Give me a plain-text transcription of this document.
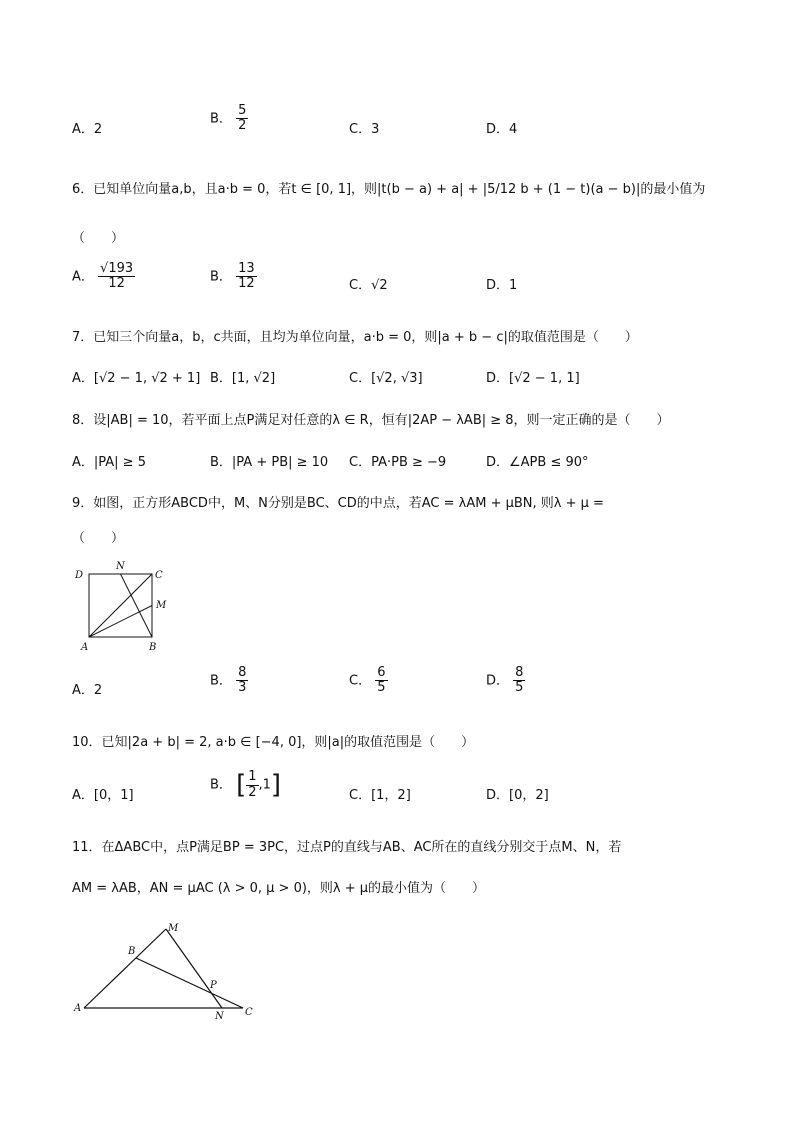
A．2
B． $\frac{5}{2}$	C．3	D．4
6．已知单位向量a,b，且a·b = 0，若t ∈ [0, 1]，则|t(b − a) + a| + |5/12 b + (1 − t)(a − b)|的最小值为
（　　）
A． $\frac{√193}{12}$	B． $\frac{13}{12}$	C．√2	D．1
7．已知三个向量a，b，c共面，且均为单位向量，a·b = 0，则|a + b − c|的取值范围是（　　）
A．[√2 − 1, √2 + 1] B．[1, √2]	C．[√2, √3]	D．[√2 − 1, 1]
8．设|AB| = 10，若平面上点P满足对任意的λ ∈ R，恒有|2AP − λAB| ≥ 8，则一定正确的是（　　）
A．|PA| ≥ 5	B．|PA + PB| ≥ 10 C．PA·PB ≥ −9	D．∠APB ≤ 90°
9．如图，正方形ABCD中，M、N分别是BC、CD的中点，若AC = λAM + μBN, 则λ + μ =
（　　）
D
N
C
M
A	B
A．2
B． $\frac{8}{3}$	C． $\frac{6}{5}$	D． $\frac{8}{5}$
10．已知|2a + b| = 2, a·b ∈ [−4, 0]，则|a|的取值范围是（　　）
A．[0，1]
B． [ $\frac{1}{2} ,1$]	C．[1，2]	D．[0，2]
11．在ΔABC中，点P满足BP = 3PC，过点P的直线与AB、AC所在的直线分别交于点M、N，若
AM = λAB，AN = μAC (λ > 0, μ > 0)，则λ + μ的最小值为（　　）
M
B
P
A
N C
